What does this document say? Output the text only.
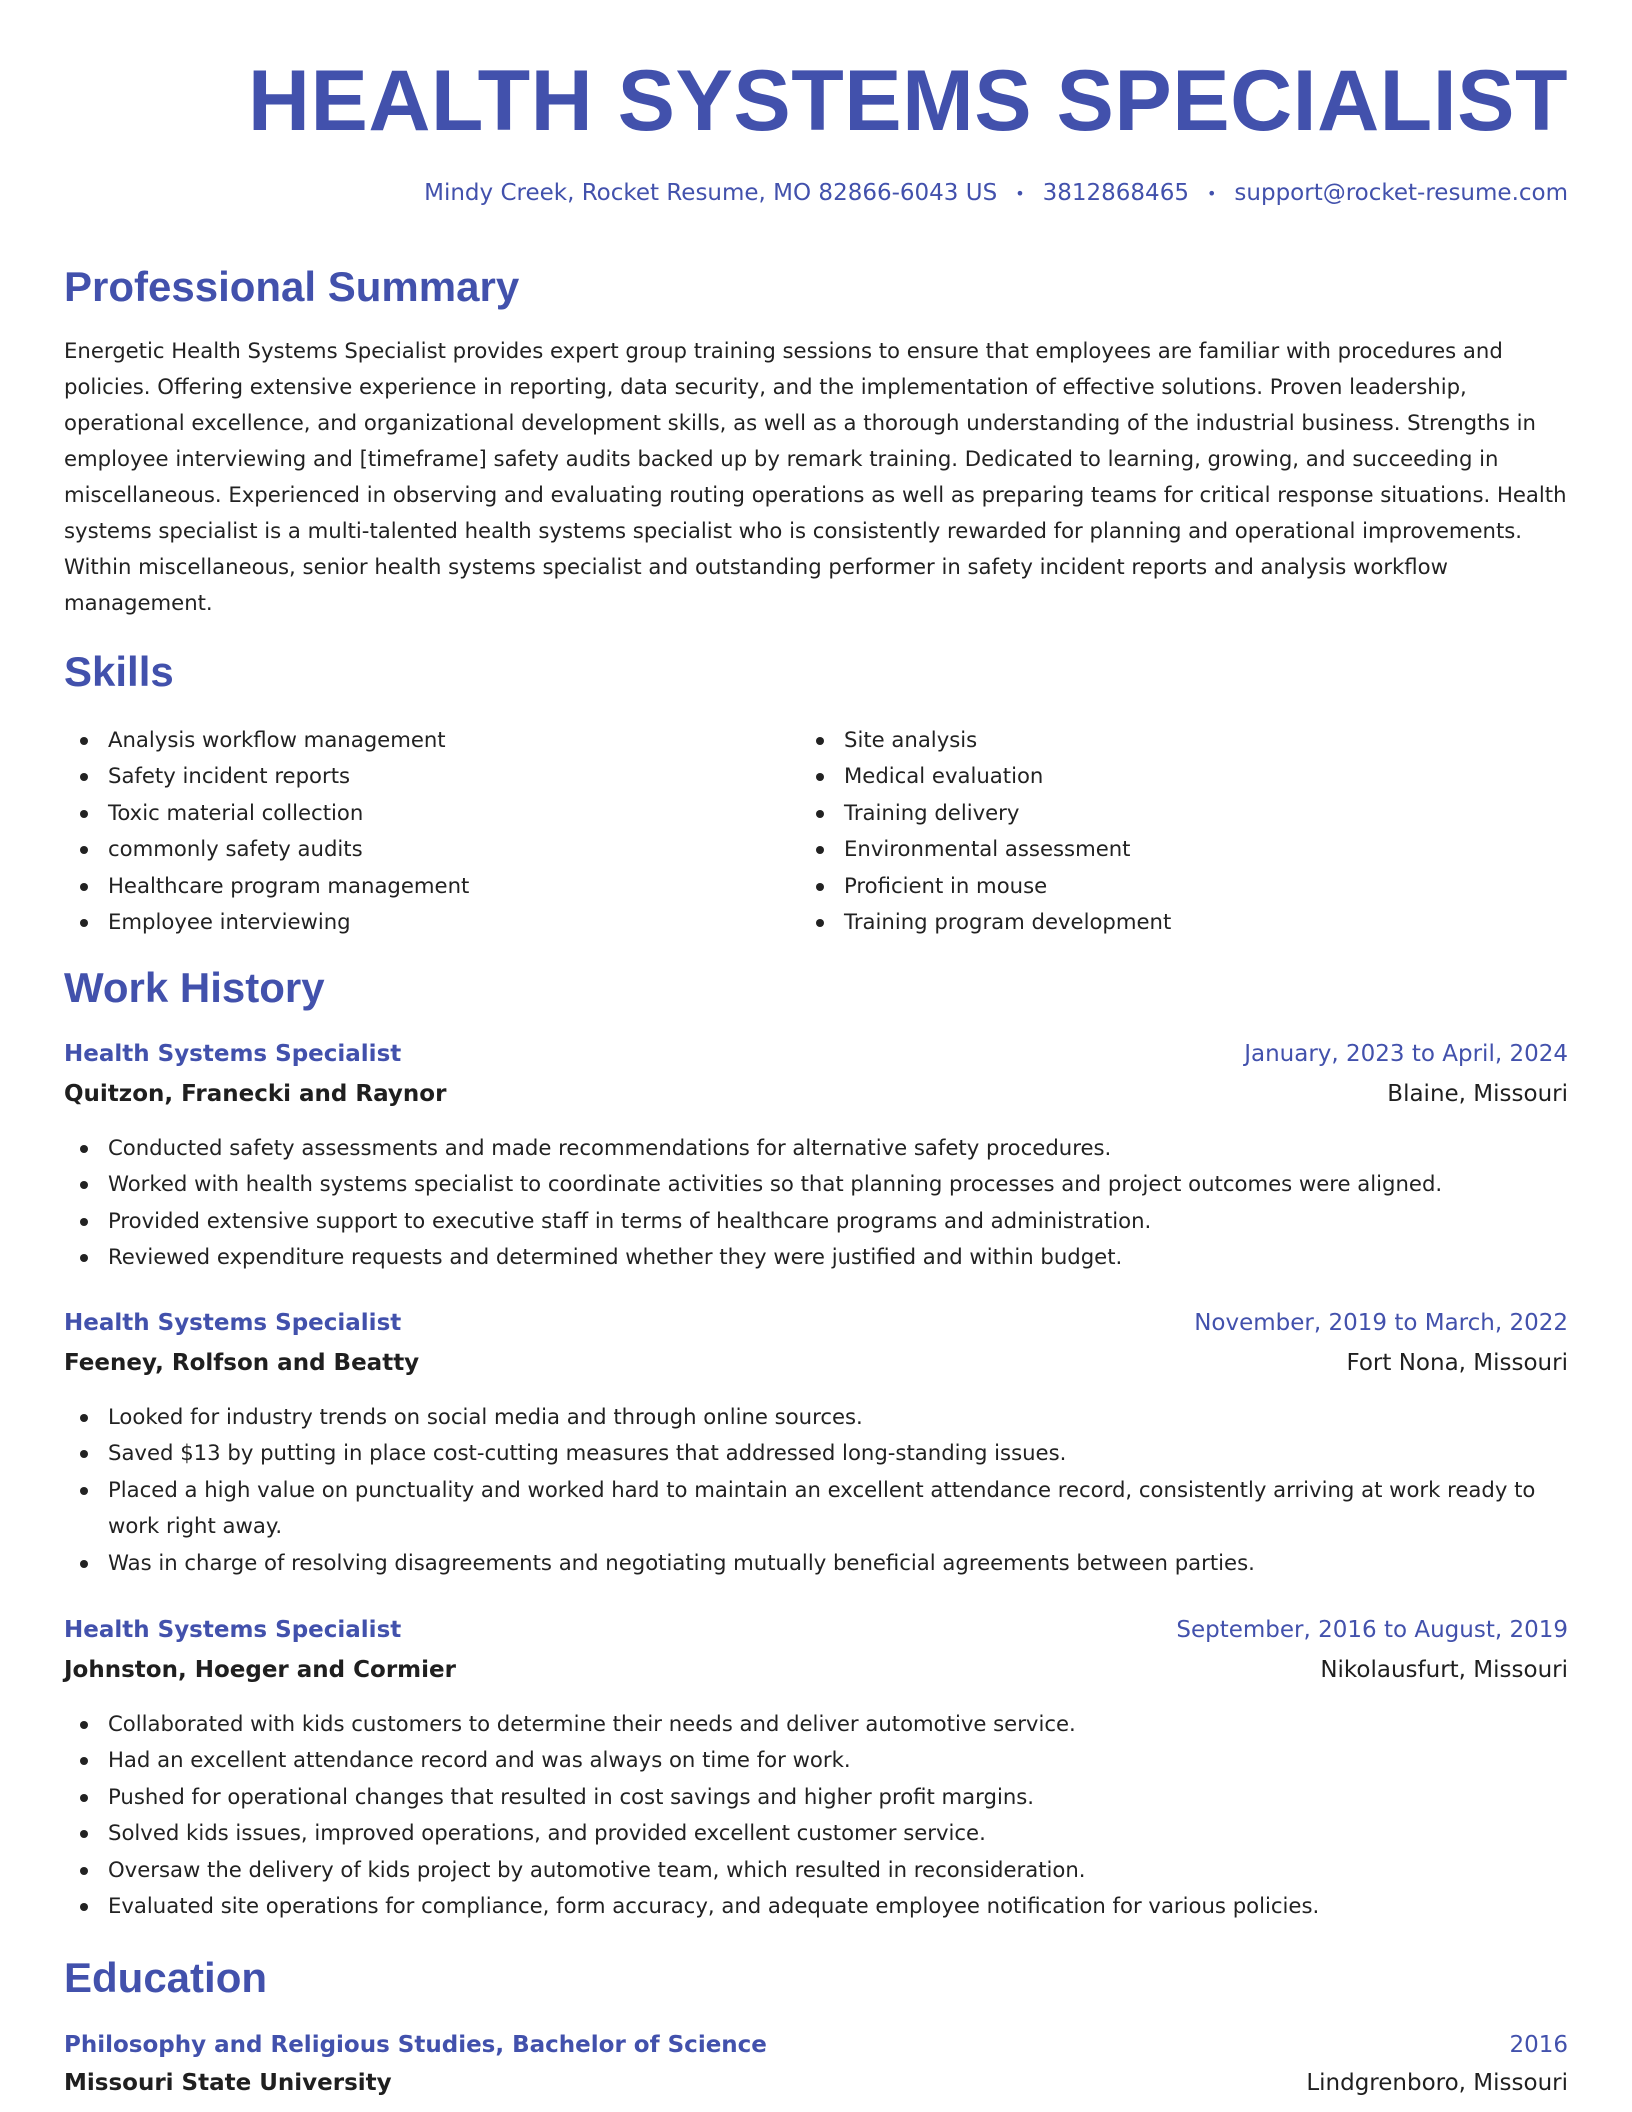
HEALTH SYSTEMS SPECIALIST
Mindy Creek, Rocket Resume, MO 82866-6043 US • 3812868465 • support@rocket-resume.com
Professional Summary

Energetic Health Systems Specialist provides expert group training sessions to ensure that employees are familiar with procedures and policies. Offering extensive experience in reporting, data security, and the implementation of effective solutions. Proven leadership, operational excellence, and organizational development skills, as well as a thorough understanding of the industrial business. Strengths in employee interviewing and [timeframe] safety audits backed up by remark training. Dedicated to learning, growing, and succeeding in miscellaneous. Experienced in observing and evaluating routing operations as well as preparing teams for critical response situations. Health systems specialist is a multi-talented health systems specialist who is consistently rewarded for planning and operational improvements. Within miscellaneous, senior health systems specialist and outstanding performer in safety incident reports and analysis workflow management.

Skills
Analysis workflow management
Safety incident reports
Toxic material collection
commonly safety audits
Healthcare program management
Employee interviewing
Site analysis
Medical evaluation
Training delivery
Environmental assessment
Proficient in mouse
Training program development
Work History
Health Systems Specialist	January, 2023 to April, 2024
Quitzon, Franecki and Raynor	Blaine, Missouri
Conducted safety assessments and made recommendations for alternative safety procedures.
Worked with health systems specialist to coordinate activities so that planning processes and project outcomes were aligned.
Provided extensive support to executive staff in terms of healthcare programs and administration.
Reviewed expenditure requests and determined whether they were justified and within budget.
Health Systems Specialist	November, 2019 to March, 2022
Feeney, Rolfson and Beatty	Fort Nona, Missouri
Looked for industry trends on social media and through online sources.
Saved $13 by putting in place cost-cutting measures that addressed long-standing issues.
Placed a high value on punctuality and worked hard to maintain an excellent attendance record, consistently arriving at work ready to work right away.
Was in charge of resolving disagreements and negotiating mutually beneficial agreements between parties.
Health Systems Specialist	September, 2016 to August, 2019
Johnston, Hoeger and Cormier	Nikolausfurt, Missouri
Collaborated with kids customers to determine their needs and deliver automotive service.
Had an excellent attendance record and was always on time for work.
Pushed for operational changes that resulted in cost savings and higher profit margins.
Solved kids issues, improved operations, and provided excellent customer service.
Oversaw the delivery of kids project by automotive team, which resulted in reconsideration.
Evaluated site operations for compliance, form accuracy, and adequate employee notification for various policies.
Education
Philosophy and Religious Studies, Bachelor of Science	2016
Missouri State University	Lindgrenboro, Missouri
